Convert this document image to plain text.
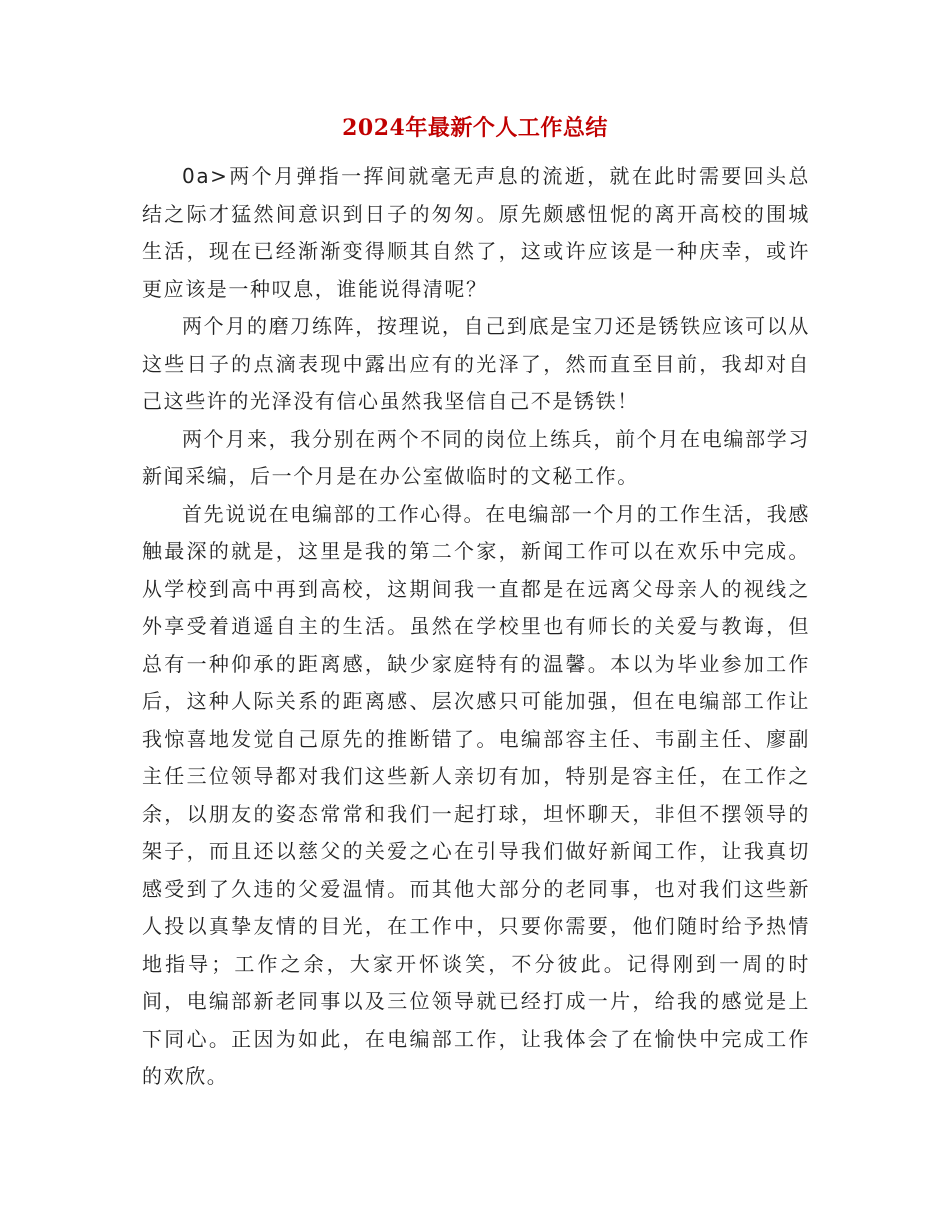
2024年最新个人工作总结

0a>两个月弹指一挥间就毫无声息的流逝，就在此时需要回头总结之际才猛然间意识到日子的匆匆。原先颇感忸怩的离开高校的围城生活，现在已经渐渐变得顺其自然了，这或许应该是一种庆幸，或许更应该是一种叹息，谁能说得清呢？

两个月的磨刀练阵，按理说，自己到底是宝刀还是锈铁应该可以从这些日子的点滴表现中露出应有的光泽了，然而直至目前，我却对自己这些许的光泽没有信心虽然我坚信自己不是锈铁！

两个月来，我分别在两个不同的岗位上练兵，前个月在电编部学习新闻采编，后一个月是在办公室做临时的文秘工作。

首先说说在电编部的工作心得。在电编部一个月的工作生活，我感触最深的就是，这里是我的第二个家，新闻工作可以在欢乐中完成。从学校到高中再到高校，这期间我一直都是在远离父母亲人的视线之外享受着逍遥自主的生活。虽然在学校里也有师长的关爱与教诲，但总有一种仰承的距离感，缺少家庭特有的温馨。本以为毕业参加工作后，这种人际关系的距离感、层次感只可能加强，但在电编部工作让我惊喜地发觉自己原先的推断错了。电编部容主任、韦副主任、廖副主任三位领导都对我们这些新人亲切有加，特别是容主任，在工作之余，以朋友的姿态常常和我们一起打球，坦怀聊天，非但不摆领导的架子，而且还以慈父的关爱之心在引导我们做好新闻工作，让我真切感受到了久违的父爱温情。而其他大部分的老同事，也对我们这些新人投以真挚友情的目光，在工作中，只要你需要，他们随时给予热情地指导；工作之余，大家开怀谈笑，不分彼此。记得刚到一周的时间，电编部新老同事以及三位领导就已经打成一片，给我的感觉是上下同心。正因为如此，在电编部工作，让我体会了在愉快中完成工作的欢欣。
